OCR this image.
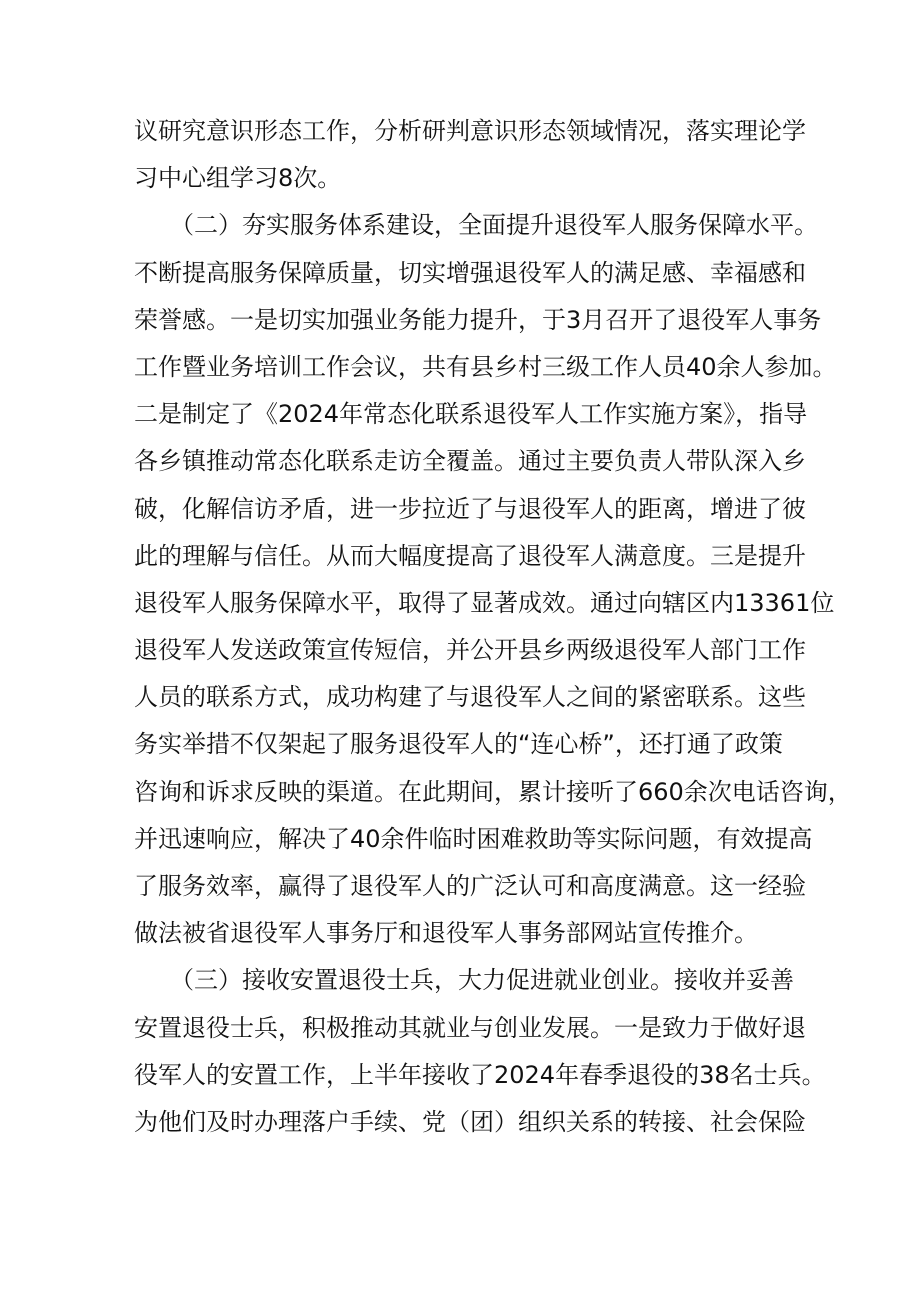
议研究意识形态工作，分析研判意识形态领域情况，落实理论学
习中心组学习8次。
　　（二）夯实服务体系建设，全面提升退役军人服务保障水平。
不断提高服务保障质量，切实增强退役军人的满足感、幸福感和
荣誉感。一是切实加强业务能力提升，于3月召开了退役军人事务
工作暨业务培训工作会议，共有县乡村三级工作人员40余人参加。
二是制定了《2024年常态化联系退役军人工作实施方案》，指导
各乡镇推动常态化联系走访全覆盖。通过主要负责人带队深入乡
破，化解信访矛盾，进一步拉近了与退役军人的距离，增进了彼
此的理解与信任。从而大幅度提高了退役军人满意度。三是提升
退役军人服务保障水平，取得了显著成效。通过向辖区内13361位
退役军人发送政策宣传短信，并公开县乡两级退役军人部门工作
人员的联系方式，成功构建了与退役军人之间的紧密联系。这些
务实举措不仅架起了服务退役军人的“连心桥”，还打通了政策
咨询和诉求反映的渠道。在此期间，累计接听了660余次电话咨询，
并迅速响应，解决了40余件临时困难救助等实际问题，有效提高
了服务效率，赢得了退役军人的广泛认可和高度满意。这一经验
做法被省退役军人事务厅和退役军人事务部网站宣传推介。
　　（三）接收安置退役士兵，大力促进就业创业。接收并妥善
安置退役士兵，积极推动其就业与创业发展。一是致力于做好退
役军人的安置工作，上半年接收了2024年春季退役的38名士兵。
为他们及时办理落户手续、党（团）组织关系的转接、社会保险
